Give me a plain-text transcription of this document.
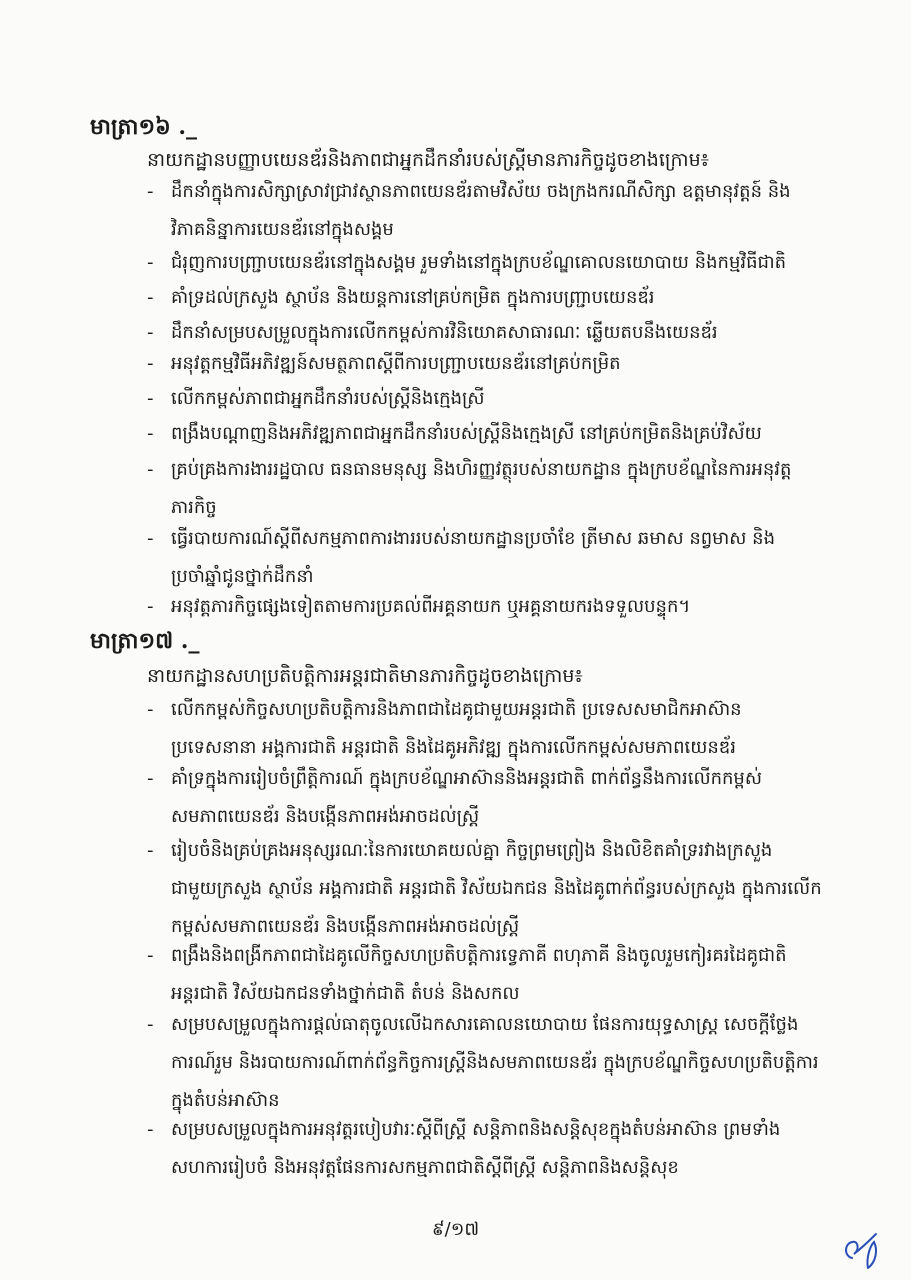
មាត្រា១៦ ._
នាយកដ្ឋានបញ្ញាបយេនឌ័រនិងភាពជាអ្នកដឹកនាំរបស់ស្ត្រីមានភារកិច្ចដូចខាងក្រោម៖
- ដឹកនាំក្នុងការសិក្សាស្រាវជ្រាវស្ថានភាពយេនឌ័រតាមវិស័យ ចងក្រងករណីសិក្សា ឧត្តមានុវត្តន៍ និង
វិភាគនិន្នាការយេនឌ័រនៅក្នុងសង្គម
- ជំរុញការបញ្ជ្រាបយេនឌ័រនៅក្នុងសង្គម រួមទាំងនៅក្នុងក្របខ័ណ្ឌគោលនយោបាយ និងកម្មវិធីជាតិ
- គាំទ្រដល់ក្រសួង ស្ថាប័ន និងយន្តការនៅគ្រប់កម្រិត ក្នុងការបញ្ជ្រាបយេនឌ័រ
- ដឹកនាំសម្របសម្រួលក្នុងការលើកកម្ពស់ការវិនិយោគសាធារណៈ ឆ្លើយតបនឹងយេនឌ័រ
- អនុវត្តកម្មវិធីអភិវឌ្ឍន៍សមត្ថភាពស្តីពីការបញ្ជ្រាបយេនឌ័រនៅគ្រប់កម្រិត
- លើកកម្ពស់ភាពជាអ្នកដឹកនាំរបស់ស្ត្រីនិងក្មេងស្រី
- ពង្រឹងបណ្តាញនិងអភិវឌ្ឍភាពជាអ្នកដឹកនាំរបស់ស្ត្រីនិងក្មេងស្រី នៅគ្រប់កម្រិតនិងគ្រប់វិស័យ
- គ្រប់គ្រងការងាររដ្ឋបាល ធនធានមនុស្ស និងហិរញ្ញវត្ថុរបស់នាយកដ្ឋាន ក្នុងក្របខ័ណ្ឌនៃការអនុវត្ត
ភារកិច្ច
- ធ្វើរបាយការណ៍ស្តីពីសកម្មភាពការងាររបស់នាយកដ្ឋានប្រចាំខែ ត្រីមាស ឆមាស នព្វមាស និង
ប្រចាំឆ្នាំជូនថ្នាក់ដឹកនាំ
- អនុវត្តភារកិច្ចផ្សេងទៀតតាមការប្រគល់ពីអគ្គនាយក ឬអគ្គនាយករងទទួលបន្ទុក។
មាត្រា១៧ ._
នាយកដ្ឋានសហប្រតិបត្តិការអន្តរជាតិមានភារកិច្ចដូចខាងក្រោម៖
- លើកកម្ពស់កិច្ចសហប្រតិបត្តិការនិងភាពជាដៃគូជាមួយអន្តរជាតិ ប្រទេសសមាជិកអាស៊ាន
ប្រទេសនានា អង្គការជាតិ អន្តរជាតិ និងដៃគូអភិវឌ្ឍ ក្នុងការលើកកម្ពស់សមភាពយេនឌ័រ
- គាំទ្រក្នុងការរៀបចំព្រឹត្តិការណ៍ ក្នុងក្របខ័ណ្ឌអាស៊ាននិងអន្តរជាតិ ពាក់ព័ន្ធនឹងការលើកកម្ពស់
សមភាពយេនឌ័រ និងបង្កើនភាពអង់អាចដល់ស្ត្រី
- រៀបចំនិងគ្រប់គ្រងអនុស្សរណៈនៃការយោគយល់គ្នា កិច្ចព្រមព្រៀង និងលិខិតគាំទ្ររវាងក្រសួង
ជាមួយក្រសួង ស្ថាប័ន អង្គការជាតិ អន្តរជាតិ វិស័យឯកជន និងដៃគូពាក់ព័ន្ធរបស់ក្រសួង ក្នុងការលើក
កម្ពស់សមភាពយេនឌ័រ និងបង្កើនភាពអង់អាចដល់ស្ត្រី
- ពង្រឹងនិងពង្រីកភាពជាដៃគូលើកិច្ចសហប្រតិបត្តិការទ្វេភាគី ពហុភាគី និងចូលរួមកៀរគរដៃគូជាតិ
អន្តរជាតិ វិស័យឯកជនទាំងថ្នាក់ជាតិ តំបន់ និងសកល
- សម្របសម្រួលក្នុងការផ្តល់ធាតុចូលលើឯកសារគោលនយោបាយ ផែនការយុទ្ធសាស្ត្រ សេចក្តីថ្លែង
ការណ៍រួម និងរបាយការណ៍ពាក់ព័ន្ធកិច្ចការស្ត្រីនិងសមភាពយេនឌ័រ ក្នុងក្របខ័ណ្ឌកិច្ចសហប្រតិបត្តិការ
ក្នុងតំបន់អាស៊ាន
- សម្របសម្រួលក្នុងការអនុវត្តរបៀបវារៈស្តីពីស្ត្រី សន្តិភាពនិងសន្តិសុខក្នុងតំបន់អាស៊ាន ព្រមទាំង
សហការរៀបចំ និងអនុវត្តផែនការសកម្មភាពជាតិស្តីពីស្ត្រី សន្តិភាពនិងសន្តិសុខ
៩/១៧
